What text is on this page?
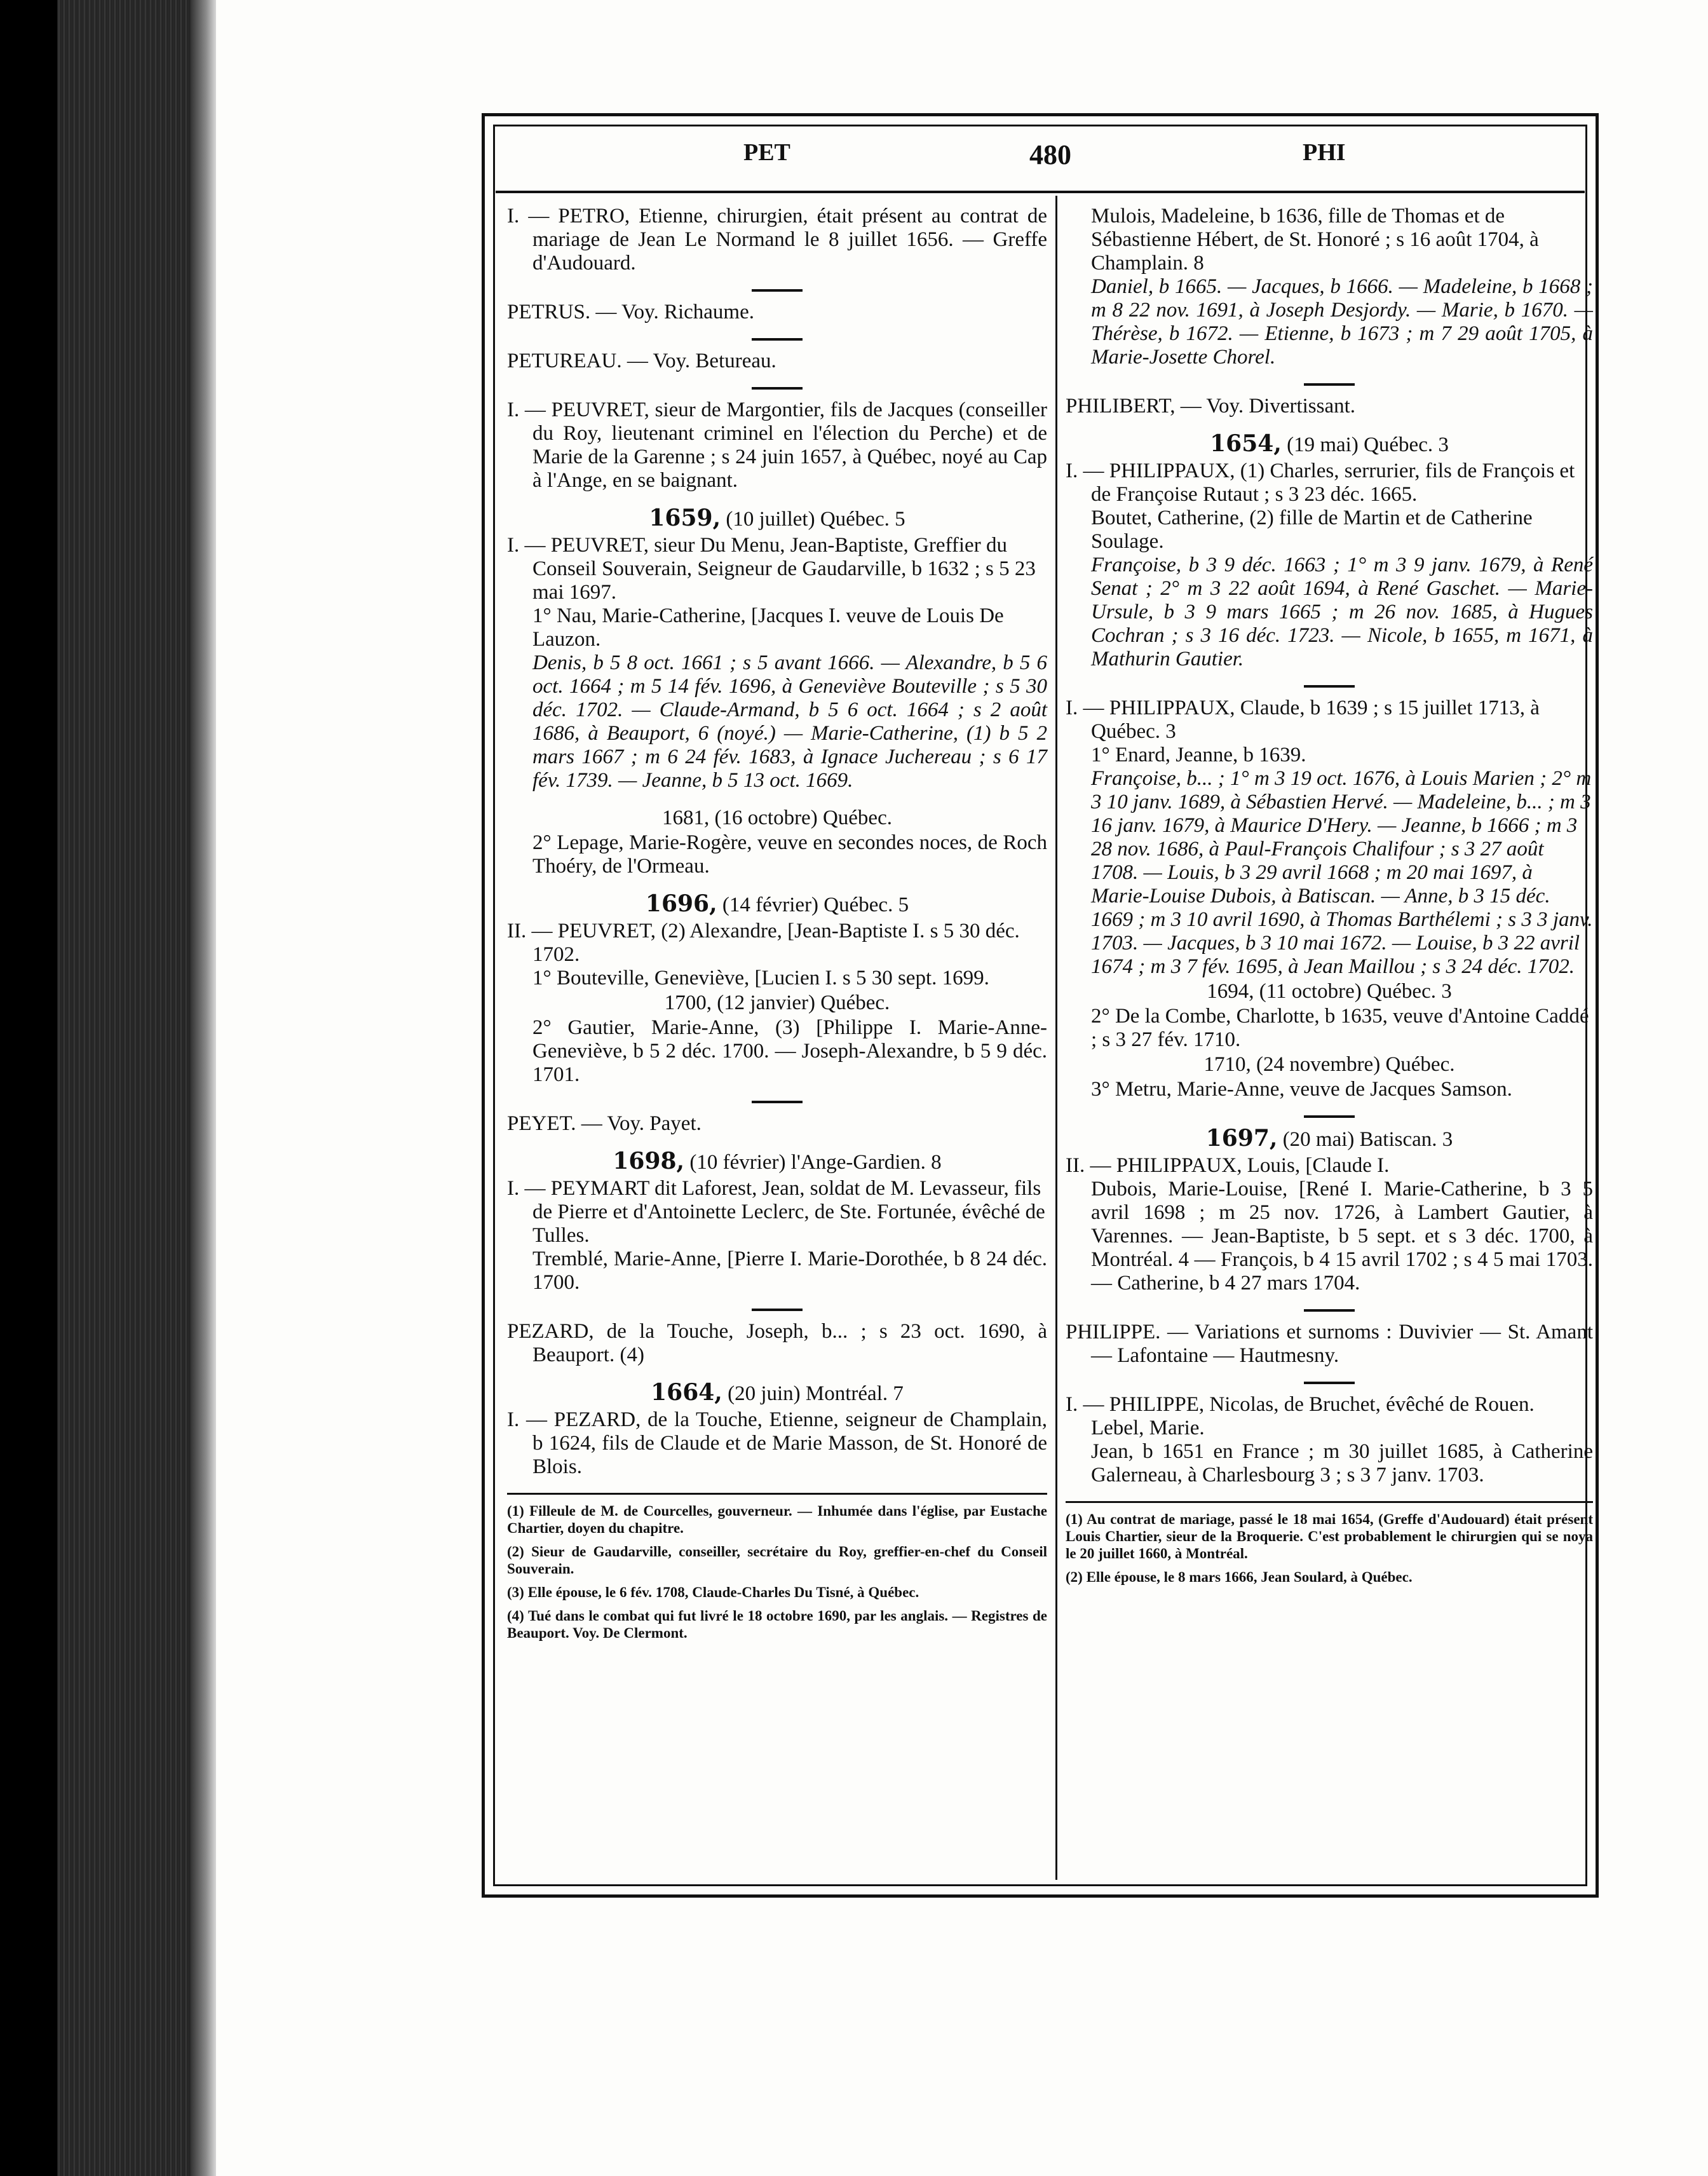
PET	480	PHI
I. — PETRO, Etienne, chirurgien, était présent au contrat de mariage de Jean Le Normand le 8 juillet 1656. — Greffe d'Audouard.
PETRUS. — Voy. Richaume.
PETUREAU. — Voy. Betureau.
I. — PEUVRET, sieur de Margontier, fils de Jacques (conseiller du Roy, lieutenant criminel en l'élection du Perche) et de Marie de la Garenne ; s 24 juin 1657, à Québec, noyé au Cap à l'Ange, en se baignant.
1659, (10 juillet) Québec. 5
I. — PEUVRET, sieur Du Menu, Jean-Baptiste, Greffier du Conseil Souverain, Seigneur de Gaudarville, b 1632 ; s 5 23 mai 1697.
1° Nau, Marie-Catherine, [Jacques I. veuve de Louis De Lauzon.
Denis, b 5 8 oct. 1661 ; s 5 avant 1666. — Alexandre, b 5 6 oct. 1664 ; m 5 14 fév. 1696, à Geneviève Bouteville ; s 5 30 déc. 1702. — Claude-Armand, b 5 6 oct. 1664 ; s 2 août 1686, à Beauport, 6 (noyé.) — Marie-Catherine, (1) b 5 2 mars 1667 ; m 6 24 fév. 1683, à Ignace Juchereau ; s 6 17 fév. 1739. — Jeanne, b 5 13 oct. 1669.
1681, (16 octobre) Québec.
2° Lepage, Marie-Rogère, veuve en secondes noces, de Roch Thoéry, de l'Ormeau.
1696, (14 février) Québec. 5
II. — PEUVRET, (2) Alexandre, [Jean-Baptiste I. s 5 30 déc. 1702.
1° Bouteville, Geneviève, [Lucien I. s 5 30 sept. 1699.
1700, (12 janvier) Québec.
2° Gautier, Marie-Anne, (3) [Philippe I. Marie-Anne-Geneviève, b 5 2 déc. 1700. — Joseph-Alexandre, b 5 9 déc. 1701.
PEYET. — Voy. Payet.
1698, (10 février) l'Ange-Gardien. 8
I. — PEYMART dit Laforest, Jean, soldat de M. Levasseur, fils de Pierre et d'Antoinette Leclerc, de Ste. Fortunée, évêché de Tulles.
Tremblé, Marie-Anne, [Pierre I. Marie-Dorothée, b 8 24 déc. 1700.
PEZARD, de la Touche, Joseph, b... ; s 23 oct. 1690, à Beauport. (4)
1664, (20 juin) Montréal. 7
I. — PEZARD, de la Touche, Etienne, seigneur de Champlain, b 1624, fils de Claude et de Marie Masson, de St. Honoré de Blois.

(1) Filleule de M. de Courcelles, gouverneur. — Inhumée dans l'église, par Eustache Chartier, doyen du chapitre.

(2) Sieur de Gaudarville, conseiller, secrétaire du Roy, greffier-en-chef du Conseil Souverain.

(3) Elle épouse, le 6 fév. 1708, Claude-Charles Du Tisné, à Québec.

(4) Tué dans le combat qui fut livré le 18 octobre 1690, par les anglais. — Registres de Beauport. Voy. De Clermont.

Mulois, Madeleine, b 1636, fille de Thomas et de Sébastienne Hébert, de St. Honoré ; s 16 août 1704, à Champlain. 8
Daniel, b 1665. — Jacques, b 1666. — Madeleine, b 1668 ; m 8 22 nov. 1691, à Joseph Desjordy. — Marie, b 1670. — Thérèse, b 1672. — Etienne, b 1673 ; m 7 29 août 1705, à Marie-Josette Chorel.
PHILIBERT, — Voy. Divertissant.
1654, (19 mai) Québec. 3
I. — PHILIPPAUX, (1) Charles, serrurier, fils de François et de Françoise Rutaut ; s 3 23 déc. 1665.
Boutet, Catherine, (2) fille de Martin et de Catherine Soulage.
Françoise, b 3 9 déc. 1663 ; 1° m 3 9 janv. 1679, à René Senat ; 2° m 3 22 août 1694, à René Gaschet. — Marie-Ursule, b 3 9 mars 1665 ; m 26 nov. 1685, à Hugues Cochran ; s 3 16 déc. 1723. — Nicole, b 1655, m 1671, à Mathurin Gautier.
I. — PHILIPPAUX, Claude, b 1639 ; s 15 juillet 1713, à Québec. 3
1° Enard, Jeanne, b 1639.
Françoise, b... ; 1° m 3 19 oct. 1676, à Louis Marien ; 2° m 3 10 janv. 1689, à Sébastien Hervé. — Madeleine, b... ; m 3 16 janv. 1679, à Maurice D'Hery. — Jeanne, b 1666 ; m 3 28 nov. 1686, à Paul-François Chalifour ; s 3 27 août 1708. — Louis, b 3 29 avril 1668 ; m 20 mai 1697, à Marie-Louise Dubois, à Batiscan. — Anne, b 3 15 déc. 1669 ; m 3 10 avril 1690, à Thomas Barthélemi ; s 3 3 janv. 1703. — Jacques, b 3 10 mai 1672. — Louise, b 3 22 avril 1674 ; m 3 7 fév. 1695, à Jean Maillou ; s 3 24 déc. 1702.
1694, (11 octobre) Québec. 3
2° De la Combe, Charlotte, b 1635, veuve d'Antoine Caddé ; s 3 27 fév. 1710.
1710, (24 novembre) Québec.
3° Metru, Marie-Anne, veuve de Jacques Samson.
1697, (20 mai) Batiscan. 3
II. — PHILIPPAUX, Louis, [Claude I.
Dubois, Marie-Louise, [René I. Marie-Catherine, b 3 5 avril 1698 ; m 25 nov. 1726, à Lambert Gautier, à Varennes. — Jean-Baptiste, b 5 sept. et s 3 déc. 1700, à Montréal. 4 — François, b 4 15 avril 1702 ; s 4 5 mai 1703. — Catherine, b 4 27 mars 1704.
PHILIPPE. — Variations et surnoms : Duvivier — St. Amant — Lafontaine — Hautmesny.
I. — PHILIPPE, Nicolas, de Bruchet, évêché de Rouen.
Lebel, Marie.
Jean, b 1651 en France ; m 30 juillet 1685, à Catherine Galerneau, à Charlesbourg 3 ; s 3 7 janv. 1703.

(1) Au contrat de mariage, passé le 18 mai 1654, (Greffe d'Audouard) était présent Louis Chartier, sieur de la Broquerie. C'est probablement le chirurgien qui se noya le 20 juillet 1660, à Montréal.

(2) Elle épouse, le 8 mars 1666, Jean Soulard, à Québec.
